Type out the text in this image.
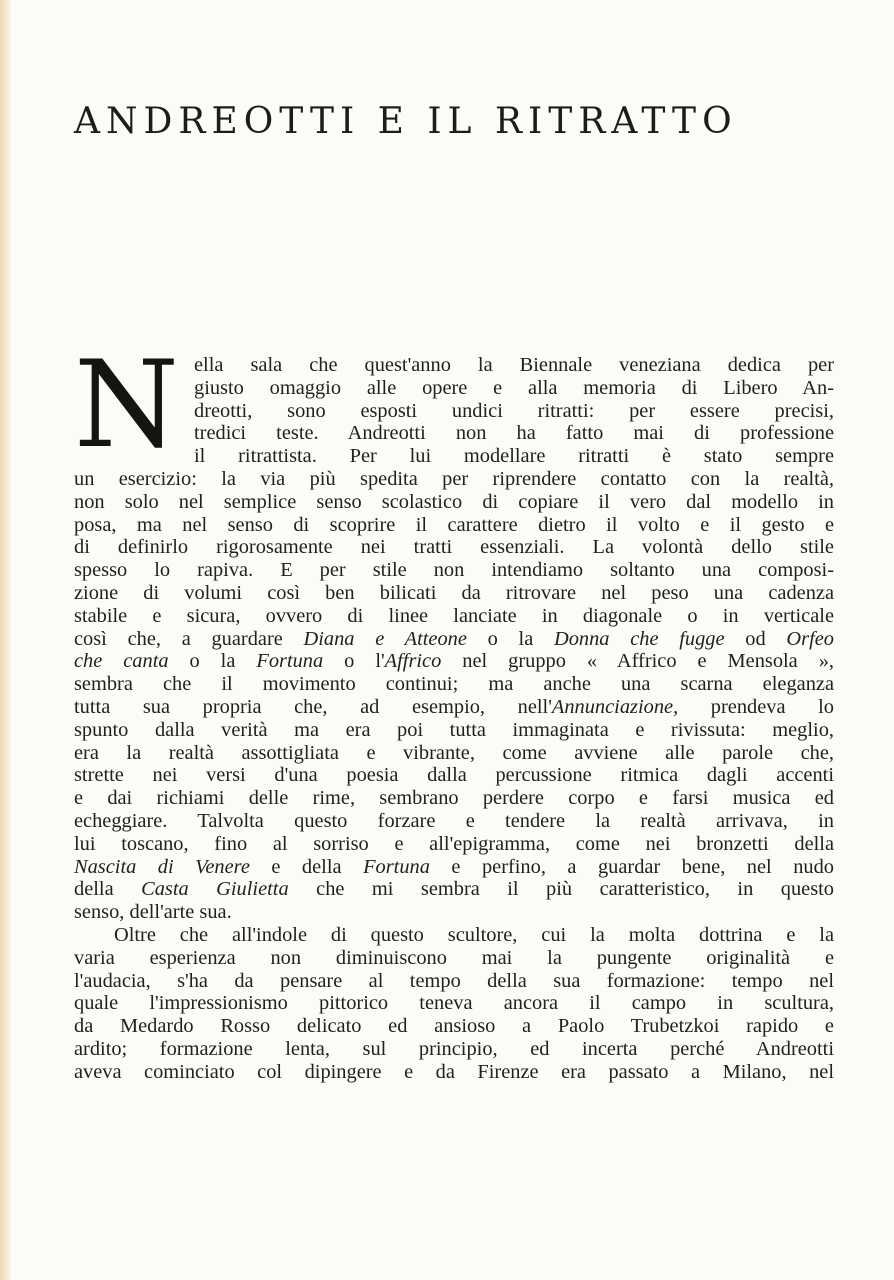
ANDREOTTI E IL RITRATTO
N ella sala che quest'anno la Biennale veneziana dedica per
giusto omaggio alle opere e alla memoria di Libero An-
dreotti, sono esposti undici ritratti: per essere precisi,
tredici teste. Andreotti non ha fatto mai di professione
il ritrattista. Per lui modellare ritratti è stato sempre
un esercizio: la via più spedita per riprendere contatto con la realtà,
non solo nel semplice senso scolastico di copiare il vero dal modello in
posa, ma nel senso di scoprire il carattere dietro il volto e il gesto e
di definirlo rigorosamente nei tratti essenziali. La volontà dello stile
spesso lo rapiva. E per stile non intendiamo soltanto una composi-
zione di volumi così ben bilicati da ritrovare nel peso una cadenza
stabile e sicura, ovvero di linee lanciate in diagonale o in verticale
così che, a guardare Diana e Atteone o la Donna che fugge od Orfeo
che canta o la Fortuna o l'Affrico nel gruppo « Affrico e Mensola »,
sembra che il movimento continui; ma anche una scarna eleganza
tutta sua propria che, ad esempio, nell'Annunciazione, prendeva lo
spunto dalla verità ma era poi tutta immaginata e rivissuta: meglio,
era la realtà assottigliata e vibrante, come avviene alle parole che,
strette nei versi d'una poesia dalla percussione ritmica dagli accenti
e dai richiami delle rime, sembrano perdere corpo e farsi musica ed
echeggiare. Talvolta questo forzare e tendere la realtà arrivava, in
lui toscano, fino al sorriso e all'epigramma, come nei bronzetti della
Nascita di Venere e della Fortuna e perfino, a guardar bene, nel nudo
della Casta Giulietta che mi sembra il più caratteristico, in questo
senso, dell'arte sua.
Oltre che all'indole di questo scultore, cui la molta dottrina e la
varia esperienza non diminuiscono mai la pungente originalità e
l'audacia, s'ha da pensare al tempo della sua formazione: tempo nel
quale l'impressionismo pittorico teneva ancora il campo in scultura,
da Medardo Rosso delicato ed ansioso a Paolo Trubetzkoi rapido e
ardito; formazione lenta, sul principio, ed incerta perché Andreotti
aveva cominciato col dipingere e da Firenze era passato a Milano, nel
